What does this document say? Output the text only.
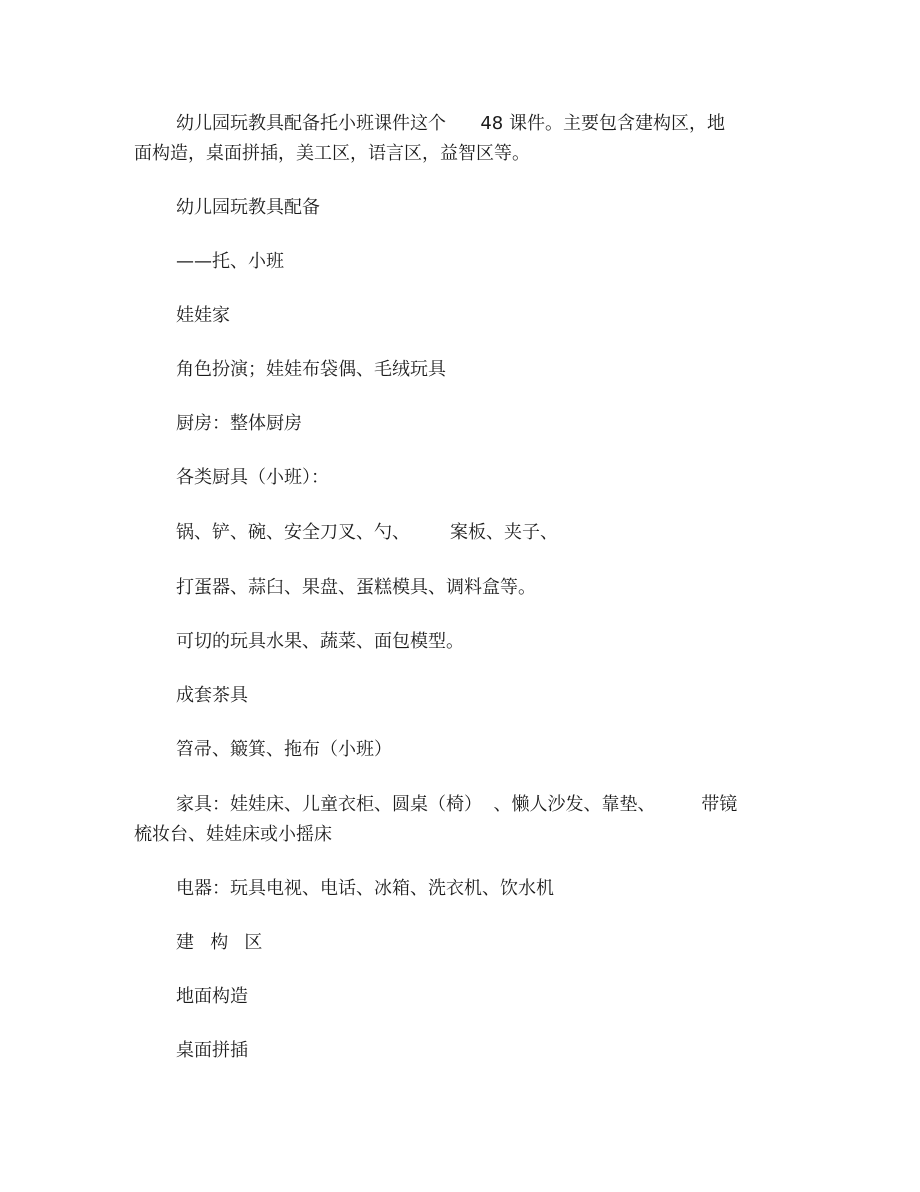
幼儿园玩教具配备托小班课件这个      48 课件。主要包含建构区，地

面构造，桌面拼插，美工区，语言区，益智区等。

幼儿园玩教具配备

——托、小班

娃娃家

角色扮演；娃娃布袋偶、毛绒玩具

厨房：整体厨房

各类厨具（小班）：

锅、铲、碗、安全刀叉、勺、       案板、夹子、

打蛋器、蒜臼、果盘、蛋糕模具、调料盒等。

可切的玩具水果、蔬菜、面包模型。

成套茶具

笤帚、簸箕、拖布（小班）

家具：娃娃床、儿童衣柜、圆桌（椅）  、懒人沙发、靠垫、        带镜

梳妆台、娃娃床或小摇床

电器：玩具电视、电话、冰箱、洗衣机、饮水机

建构区

地面构造

桌面拼插
